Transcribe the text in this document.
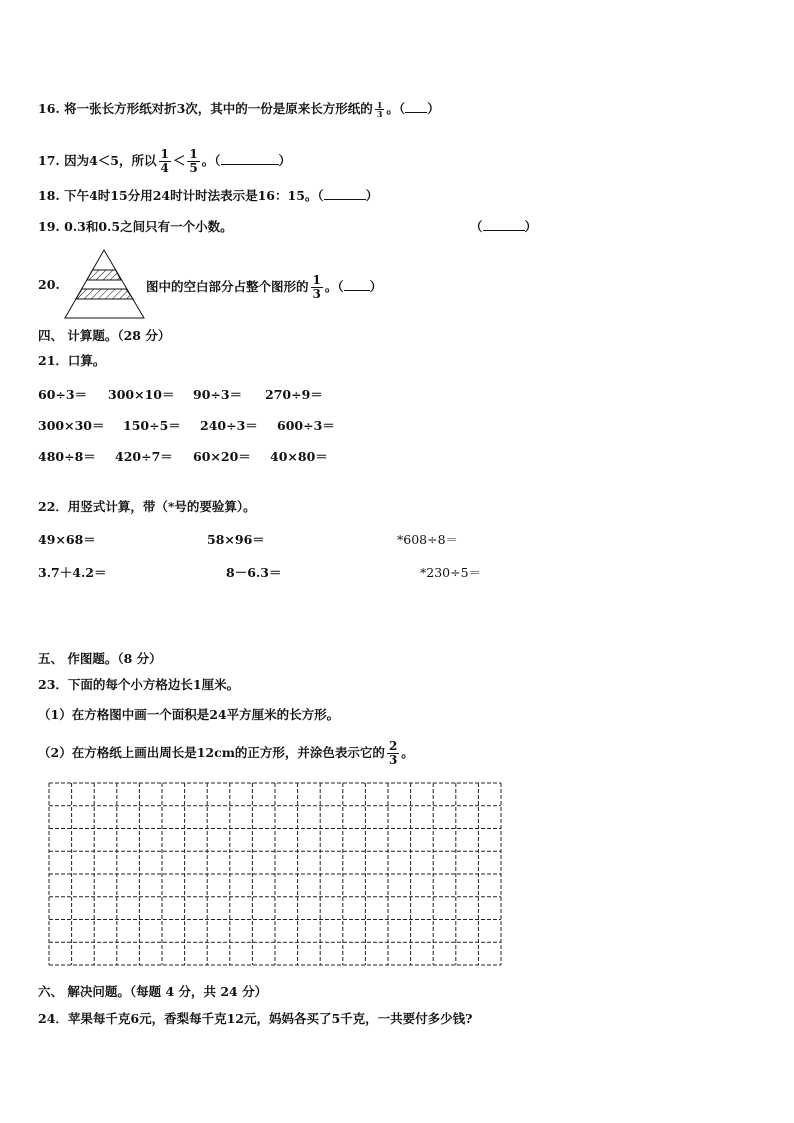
16. 将一张长方形纸对折3次，其中的一份是原来长方形纸的 $\frac{1}{3}$ 。（ ）
17. 因为4＜5，所以 $\frac{1}{4} < \frac{1}{5}$ 。（	）
18. 下午4时15分用24时计时法表示是16：15。（	）
19. 0.3和0.5之间只有一个小数。	（	）
20.	图中的空白部分占整个图形的 $\frac{1}{3}$ 。（ ）
四、 计算题。（28 分）
21．口算。
60÷3＝ 300×10＝ 90÷3＝ 270÷9＝
300×30＝ 150÷5＝ 240÷3＝ 600÷3＝
480÷8＝ 420÷7＝ 60×20＝ 40×80＝
22．用竖式计算，带（*号的要验算）。
49×68＝	58×96＝	*608÷8＝
3.7＋4.2＝	8－6.3＝	*230÷5＝
五、 作图题。（8 分）
23．下面的每个小方格边长1厘米。
（1）在方格图中画一个面积是24平方厘米的长方形。
（2）在方格纸上画出周长是12cm的正方形，并涂色表示它的 $\frac{2}{3}$ 。
六、 解决问题。（每题 4 分，共 24 分）
24．苹果每千克6元，香梨每千克12元，妈妈各买了5千克，一共要付多少钱?
